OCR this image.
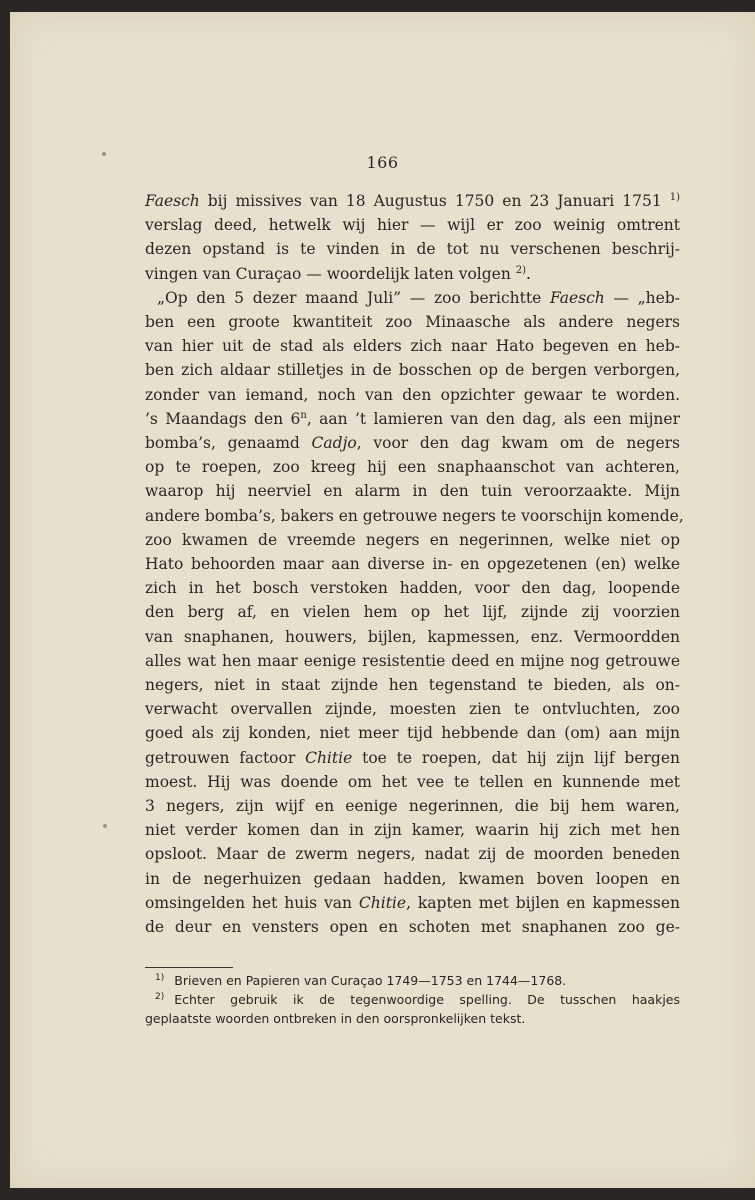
166
Faesch bij missives van 18 Augustus 1750 en 23 Januari 1751 $^{1)}$
verslag deed, hetwelk wij hier — wijl er zoo weinig omtrent
dezen opstand is te vinden in de tot nu verschenen beschrij-
vingen van Curaçao — woordelijk laten volgen $^{2)}$.
„Op den 5 dezer maand Juli” — zoo berichtte Faesch — „heb-
ben een groote kwantiteit zoo Minaasche als andere negers
van hier uit de stad als elders zich naar Hato begeven en heb-
ben zich aldaar stilletjes in de bosschen op de bergen verborgen,
zonder van iemand, noch van den opzichter gewaar te worden.
’s Maandags den 6$^n$, aan ’t lamieren van den dag, als een mijner
bomba’s, genaamd Cadjo, voor den dag kwam om de negers
op te roepen, zoo kreeg hij een snaphaanschot van achteren,
waarop hij neerviel en alarm in den tuin veroorzaakte. Mijn
andere bomba’s, bakers en getrouwe negers te voorschijn komende,
zoo kwamen de vreemde negers en negerinnen, welke niet op
Hato behoorden maar aan diverse in- en opgezetenen (en) welke
zich in het bosch verstoken hadden, voor den dag, loopende
den berg af, en vielen hem op het lijf, zijnde zij voorzien
van snaphanen, houwers, bijlen, kapmessen, enz. Vermoordden
alles wat hen maar eenige resistentie deed en mijne nog getrouwe
negers, niet in staat zijnde hen tegenstand te bieden, als on-
verwacht overvallen zijnde, moesten zien te ontvluchten, zoo
goed als zij konden, niet meer tijd hebbende dan (om) aan mijn
getrouwen factoor Chitie toe te roepen, dat hij zijn lijf bergen
moest. Hij was doende om het vee te tellen en kunnende met
3 negers, zijn wijf en eenige negerinnen, die bij hem waren,
niet verder komen dan in zijn kamer, waarin hij zich met hen
opsloot. Maar de zwerm negers, nadat zij de moorden beneden
in de negerhuizen gedaan hadden, kwamen boven loopen en
omsingelden het huis van Chitie, kapten met bijlen en kapmessen
de deur en vensters open en schoten met snaphanen zoo ge-
$^{1)}$ Brieven en Papieren van Curaçao 1749—1753 en 1744—1768.
$^{2)}$ Echter gebruik ik de tegenwoordige spelling. De tusschen haakjes
geplaatste woorden ontbreken in den oorspronkelijken tekst.
